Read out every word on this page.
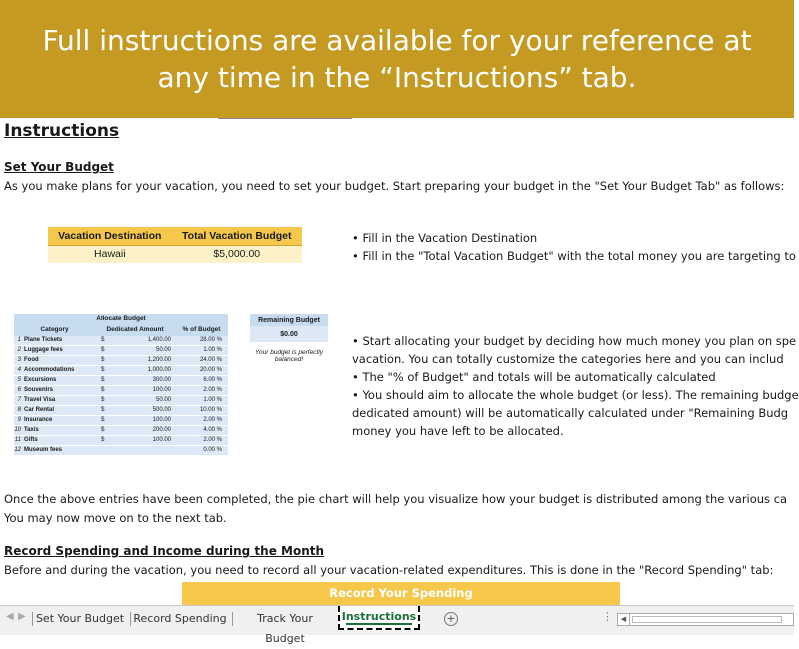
Full instructions are available for your reference at
any time in the “Instructions” tab.
Instructions
Set Your Budget
As you make plans for your vacation, you need to set your budget. Start preparing your budget in the "Set Your Budget Tab" as follows:
Vacation Destination	Total Vacation Budget
Hawaii	$5,000.00
• Fill in the Vacation Destination
• Fill in the "Total Vacation Budget" with the total money you are targeting to
Allocate Budget				
Category		Dedicated Amount		% of Budget
1	Plane Tickets	$	1,400.00	28.00 %
2	Luggage fees	$	50.00	1.00 %
3	Food	$	1,200.00	24.00 %
4	Accommodations	$	1,000.00	20.00 %
5	Excursions	$	300.00	6.00 %
6	Souvenirs	$	100.00	2.00 %
7	Travel Visa	$	50.00	1.00 %
8	Car Rental	$	500.00	10.00 %
9	Insurance	$	100.00	2.00 %
10	Taxis	$	200.00	4.00 %
11	Gifts	$	100.00	2.00 %
12	Museum fees			0.00 %
Remaining Budget
$0.00
Your budget is perfectly balanced!
• Start allocating your budget by deciding how much money you plan on spe
vacation. You can totally customize the categories here and you can includ
• The "% of Budget" and totals will be automatically calculated
• You should aim to allocate the whole budget (or less). The remaining budge
dedicated amount) will be automatically calculated under "Remaining Budg
money you have left to be allocated.
Once the above entries have been completed, the pie chart will help you visualize how your budget is distributed among the various ca
You may now move on to the next tab.
Record Spending and Income during the Month
Before and during the vacation, you need to record all your vacation-related expenditures. This is done in the "Record Spending" tab:
Record Your Spending
◀ ▶ Set Your Budget Record Spending	Track Your Budget
Instructions	+	⋮	◀
